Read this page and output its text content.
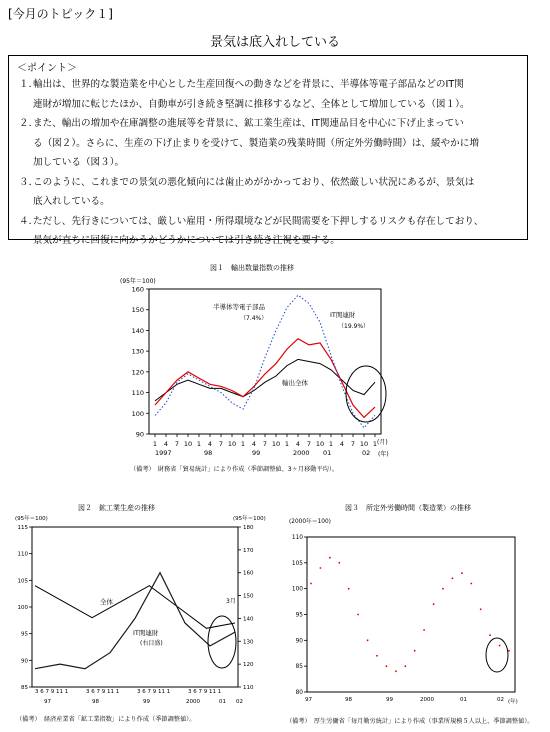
[今月のトピック１]
景気は底入れしている
＜ポイント＞
１．輸出は、世界的な製造業を中心とした生産回復への動きなどを背景に、半導体等電子部品などのIT関
連財が増加に転じたほか、自動車が引き続き堅調に推移するなど、全体として増加している（図１）。
２．また、輸出の増加や在庫調整の進展等を背景に、鉱工業生産は、IT関連品目を中心に下げ止まってい
る（図２）。さらに、生産の下げ止まりを受けて、製造業の残業時間（所定外労働時間）は、緩やかに増
加している（図３）。
３．このように、これまでの景気の悪化傾向には歯止めがかかっており、依然厳しい状況にあるが、景気は
底入れしている。
４．ただし、先行きについては、厳しい雇用・所得環境などが民間需要を下押しするリスクも存在しており、
景気が直ちに回復に向かうかどうかについては引き続き注視を要する。
図１　輸出数量指数の推移
(95年＝100)
160
150
140
130
120
110
100
90
1 4 7 10 1 4 7 10 1 4 7 10 1 4 7 10 1 4 7 10 1
半導体等電子部品
（7.4%）	IT関連財
（19.9%）
輸出全体
(月)
(年)
1997	98	99	2000 01	02
（備考）　財務省「貿易統計」により作成（季節調整値、3ヶ月移動平均）。
図２　鉱工業生産の推移
(95年＝100)	(95年＝100)
115
110
105
100
95
90
85
180
170
160
150
140
130
120
110
全体
IT関連財
(右目盛)
3月
3 6 7 9 11 1	3 6 7 9 11 1	3 6 7 9 11 1	3 6 7 9 11 1
97	98	99	2000	01 02
（備考）　経済産業省「鉱工業指数」により作成（季節調整値）。
図３　所定外労働時間（製造業）の推移
(2000年＝100)
110
105
100
95
90
85
80
97	98	99	2000	01	02 (年)
（備考）　厚生労働省「毎月勤労統計」により作成（事業所規模５人以上、季節調整値）。
